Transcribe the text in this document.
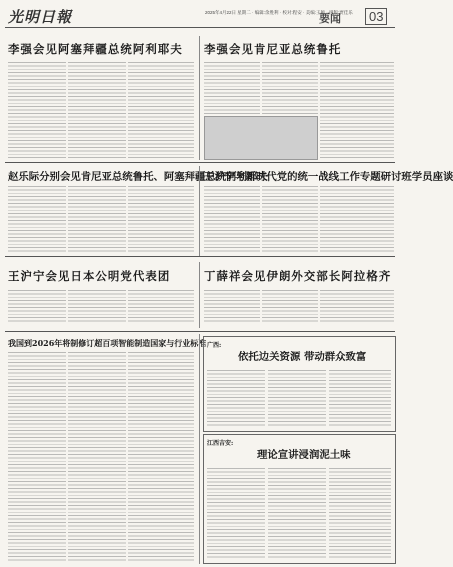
光明日報	2025年4月22日 星期二 · 编辑:余胜利 · 校对:程安 · 美编:王颖 · 排版:贾佳乐
要闻	03
李强会见阿塞拜疆总统阿利耶夫	李强会见肯尼亚总统鲁托
赵乐际分别会见肯尼亚总统鲁托、阿塞拜疆总统阿利耶夫
王沪宁与新时代党的统一战线工作专题研讨班学员座谈
王沪宁会见日本公明党代表团	丁薛祥会见伊朗外交部长阿拉格齐
我国到2026年将制修订超百项智能制造国家与行业标准 广西:
依托边关资源 带动群众致富
江西吉安:
理论宣讲浸润泥土味
